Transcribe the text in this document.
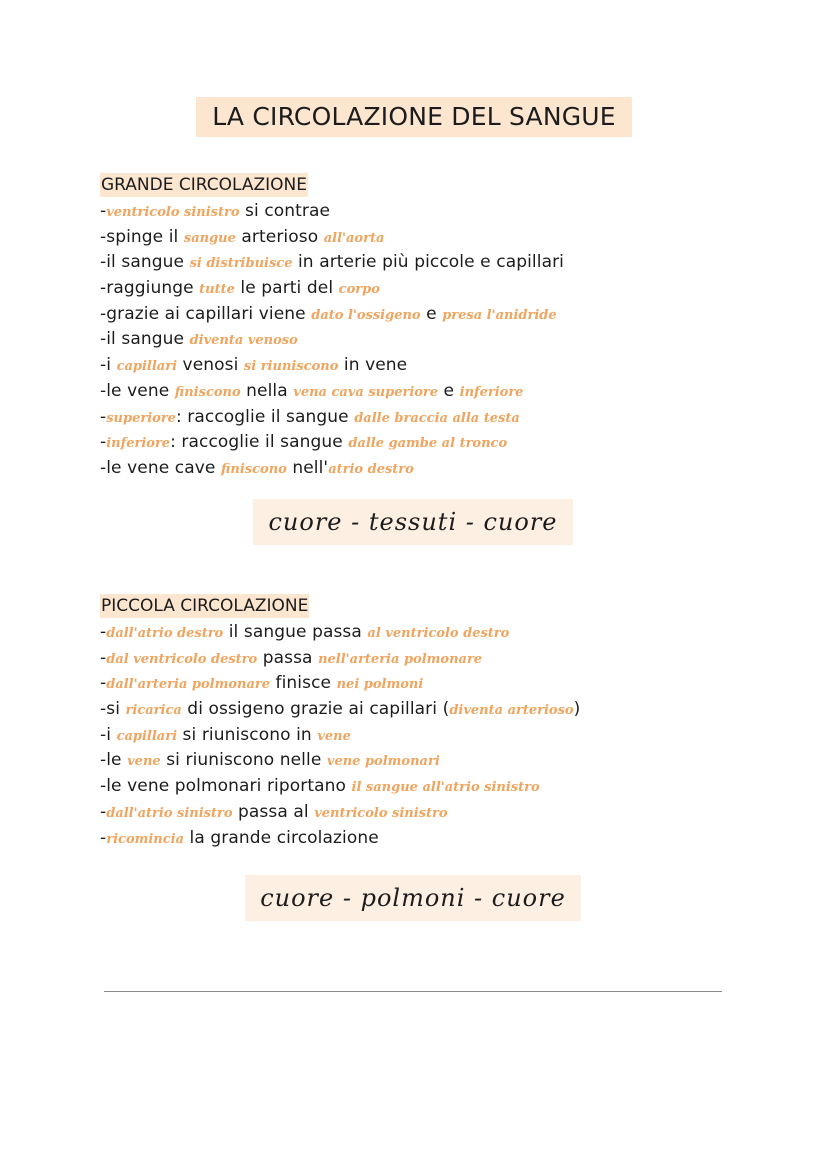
LA CIRCOLAZIONE DEL SANGUE
GRANDE CIRCOLAZIONE
-ventricolo sinistro si contrae
-spinge il sangue arterioso all'aorta
-il sangue si distribuisce in arterie più piccole e capillari
-raggiunge tutte le parti del corpo
-grazie ai capillari viene dato l'ossigeno e presa l'anidride
-il sangue diventa venoso
-i capillari venosi si riuniscono in vene
-le vene finiscono nella vena cava superiore e inferiore
-superiore: raccoglie il sangue dalle braccia alla testa
-inferiore: raccoglie il sangue dalle gambe al tronco
-le vene cave finiscono nell'atrio destro
cuore - tessuti - cuore
PICCOLA CIRCOLAZIONE
-dall'atrio destro il sangue passa al ventricolo destro
-dal ventricolo destro passa nell'arteria polmonare
-dall'arteria polmonare finisce nei polmoni
-si ricarica di ossigeno grazie ai capillari (diventa arterioso)
-i capillari si riuniscono in vene
-le vene si riuniscono nelle vene polmonari
-le vene polmonari riportano il sangue all'atrio sinistro
-dall'atrio sinistro passa al ventricolo sinistro
-ricomincia la grande circolazione
cuore - polmoni - cuore
